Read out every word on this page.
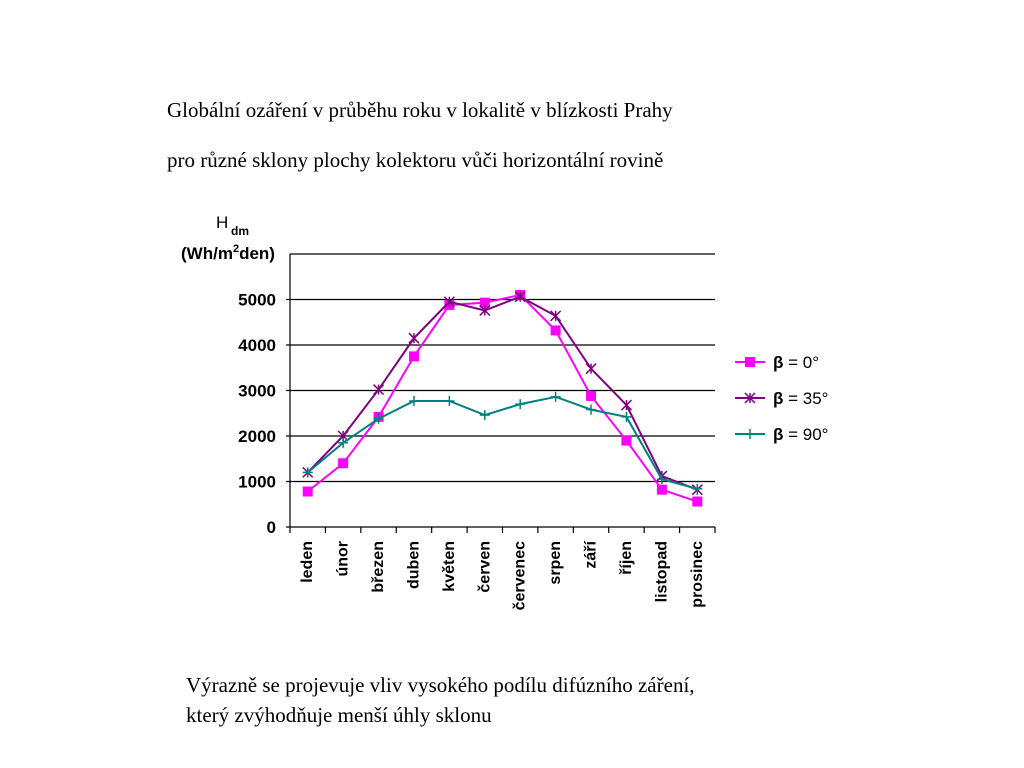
Globální ozáření v průběhu roku v lokalitě v blízkosti Prahy
pro různé sklony plochy kolektoru vůči horizontální rovině
H dm
$(Wh/m^2den)$
0
1000
2000
3000
4000
5000
leden únor březen duben květen červen červenec srpen září říjen listopad prosinec
β = 0°
β = 35°
β = 90°
Výrazně se projevuje vliv vysokého podílu difúzního záření,
který zvýhodňuje menší úhly sklonu
